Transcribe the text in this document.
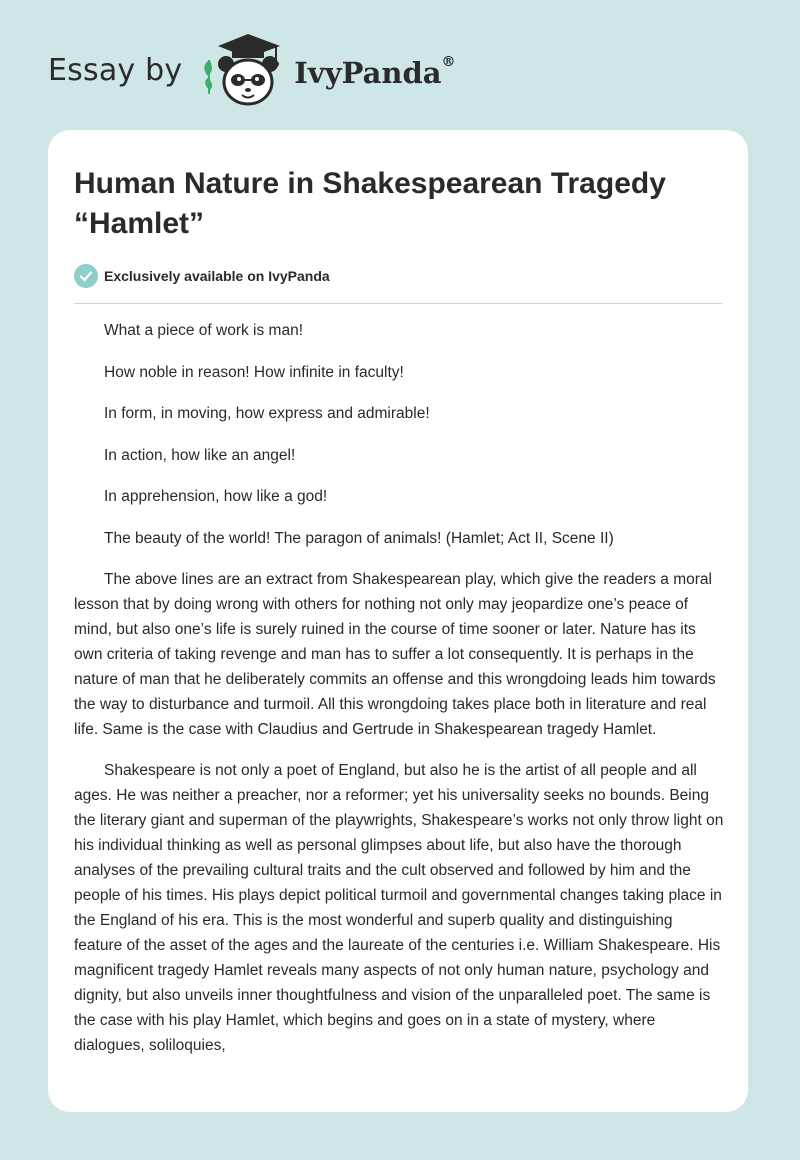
Essay by	IvyPanda®
Human Nature in Shakespearean Tragedy “Hamlet”
Exclusively available on IvyPanda

What a piece of work is man!

How noble in reason! How infinite in faculty!

In form, in moving, how express and admirable!

In action, how like an angel!

In apprehension, how like a god!

The beauty of the world! The paragon of animals! (Hamlet; Act II, Scene II)

The above lines are an extract from Shakespearean play, which give the readers a moral lesson that by doing wrong with others for nothing not only may jeopardize one’s peace of mind, but also one’s life is surely ruined in the course of time sooner or later. Nature has its own criteria of taking revenge and man has to suffer a lot consequently. It is perhaps in the nature of man that he deliberately commits an offense and this wrongdoing leads him towards the way to disturbance and turmoil. All this wrongdoing takes place both in literature and real life. Same is the case with Claudius and Gertrude in Shakespearean tragedy Hamlet.

Shakespeare is not only a poet of England, but also he is the artist of all people and all ages. He was neither a preacher, nor a reformer; yet his universality seeks no bounds. Being the literary giant and superman of the playwrights, Shakespeare’s works not only throw light on his individual thinking as well as personal glimpses about life, but also have the thorough analyses of the prevailing cultural traits and the cult observed and followed by him and the people of his times. His plays depict political turmoil and governmental changes taking place in the England of his era. This is the most wonderful and superb quality and distinguishing feature of the asset of the ages and the laureate of the centuries i.e. William Shakespeare. His magnificent tragedy Hamlet reveals many aspects of not only human nature, psychology and dignity, but also unveils inner thoughtfulness and vision of the unparalleled poet. The same is the case with his play Hamlet, which begins and goes on in a state of mystery, where dialogues, soliloquies,
